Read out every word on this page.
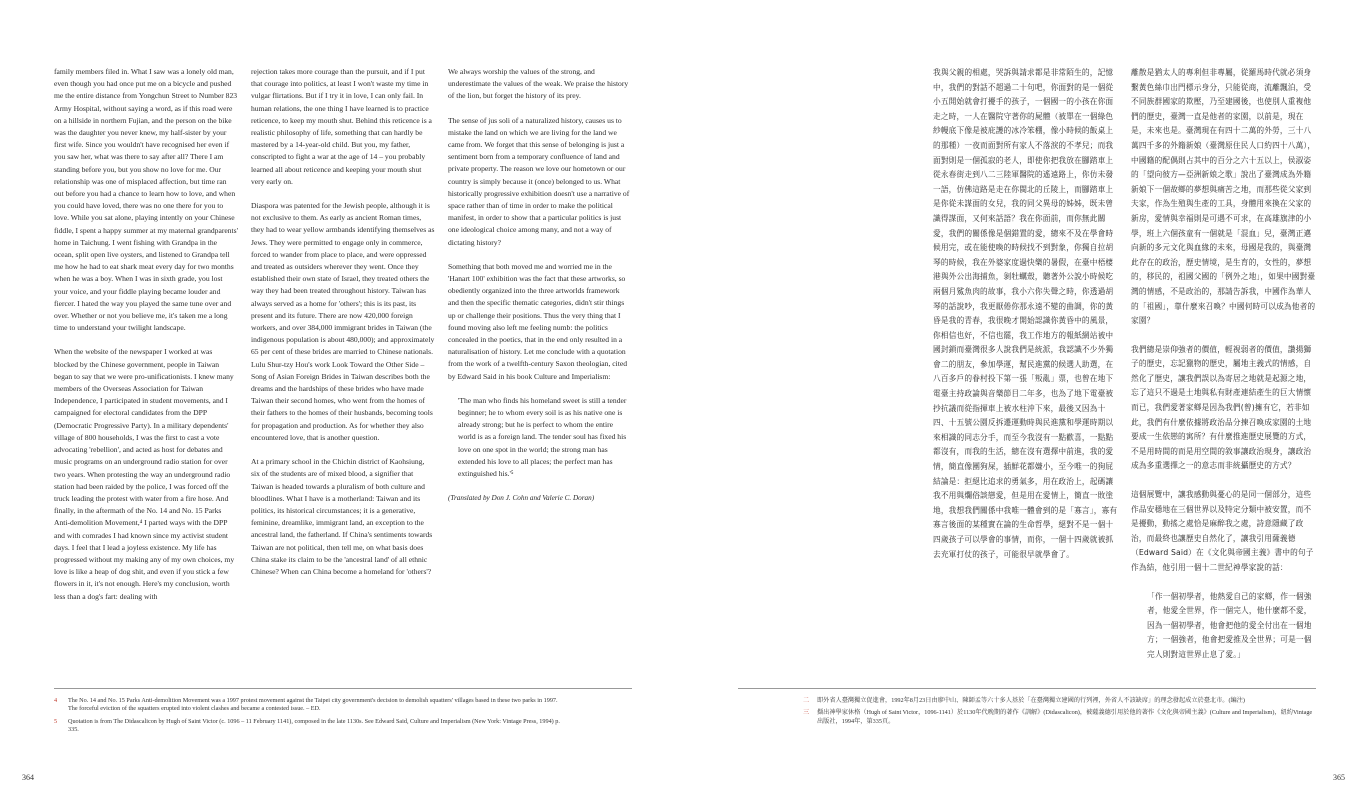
family members filed in. What I saw was a lonely old man, even though you had once put me on a bicycle and pushed me the entire distance from Yongchun Street to Number 823 Army Hospital, without saying a word, as if this road were on a hillside in northern Fujian, and the person on the bike was the daughter you never knew, my half-sister by your first wife. Since you wouldn't have recognised her even if you saw her, what was there to say after all? There I am standing before you, but you show no love for me. Our relationship was one of misplaced affection, but time ran out before you had a chance to learn how to love, and when you could have loved, there was no one there for you to love. While you sat alone, playing intently on your Chinese fiddle, I spent a happy summer at my maternal grandparents' home in Taichung. I went fishing with Grandpa in the ocean, split open live oysters, and listened to Grandpa tell me how he had to eat shark meat every day for two months when he was a boy. When I was in sixth grade, you lost your voice, and your fiddle playing became louder and fiercer. I hated the way you played the same tune over and over. Whether or not you believe me, it's taken me a long time to understand your twilight landscape.

When the website of the newspaper I worked at was blocked by the Chinese government, people in Taiwan began to say that we were pro-unificationists. I knew many members of the Overseas Association for Taiwan Independence, I participated in student movements, and I campaigned for electoral candidates from the DPP (Democratic Progressive Party). In a military dependents' village of 800 households, I was the first to cast a vote advocating 'rebellion', and acted as host for debates and music programs on an underground radio station for over two years. When protesting the way an underground radio station had been raided by the police, I was forced off the truck leading the protest with water from a fire hose. And finally, in the aftermath of the No. 14 and No. 15 Parks Anti-demolition Movement,⁴ I parted ways with the DPP and with comrades I had known since my activist student days. I feel that I lead a joyless existence. My life has progressed without my making any of my own choices, my love is like a heap of dog shit, and even if you stick a few flowers in it, it's not enough. Here's my conclusion, worth less than a dog's fart: dealing with

rejection takes more courage than the pursuit, and if I put that courage into politics, at least I won't waste my time in vulgar flirtations. But if I try it in love, I can only fail. In human relations, the one thing I have learned is to practice reticence, to keep my mouth shut. Behind this reticence is a realistic philosophy of life, something that can hardly be mastered by a 14-year-old child. But you, my father, conscripted to fight a war at the age of 14 – you probably learned all about reticence and keeping your mouth shut very early on.

Diaspora was patented for the Jewish people, although it is not exclusive to them. As early as ancient Roman times, they had to wear yellow armbands identifying themselves as Jews. They were permitted to engage only in commerce, forced to wander from place to place, and were oppressed and treated as outsiders wherever they went. Once they established their own state of Israel, they treated others the way they had been treated throughout history. Taiwan has always served as a home for 'others'; this is its past, its present and its future. There are now 420,000 foreign workers, and over 384,000 immigrant brides in Taiwan (the indigenous population is about 480,000); and approximately 65 per cent of these brides are married to Chinese nationals. Lulu Shur-tzy Hou's work Look Toward the Other Side – Song of Asian Foreign Brides in Taiwan describes both the dreams and the hardships of these brides who have made Taiwan their second homes, who went from the homes of their fathers to the homes of their husbands, becoming tools for propagation and production. As for whether they also encountered love, that is another question.

At a primary school in the Chichin district of Kaohsiung, six of the students are of mixed blood, a signifier that Taiwan is headed towards a pluralism of both culture and bloodlines. What I have is a motherland: Taiwan and its politics, its historical circumstances; it is a generative, feminine, dreamlike, immigrant land, an exception to the ancestral land, the fatherland. If China's sentiments towards Taiwan are not political, then tell me, on what basis does China stake its claim to be the 'ancestral land' of all ethnic Chinese? When can China become a homeland for 'others'?

We always worship the values of the strong, and underestimate the values of the weak. We praise the history of the lion, but forget the history of its prey.

The sense of jus soli of a naturalized history, causes us to mistake the land on which we are living for the land we came from. We forget that this sense of belonging is just a sentiment born from a temporary confluence of land and private property. The reason we love our hometown or our country is simply because it (once) belonged to us. What historically progressive exhibition doesn't use a narrative of space rather than of time in order to make the political manifest, in order to show that a particular politics is just one ideological choice among many, and not a way of dictating history?

Something that both moved me and worried me in the 'Hanart 100' exhibition was the fact that these artworks, so obediently organized into the three artworlds framework and then the specific thematic categories, didn't stir things up or challenge their positions. Thus the very thing that I found moving also left me feeling numb: the politics concealed in the poetics, that in the end only resulted in a naturalisation of history. Let me conclude with a quotation from the work of a twelfth-century Saxon theologian, cited by Edward Said in his book Culture and Imperialism:

'The man who finds his homeland sweet is still a tender beginner; he to whom every soil is as his native one is already strong; but he is perfect to whom the entire world is as a foreign land. The tender soul has fixed his love on one spot in the world; the strong man has extended his love to all places; the perfect man has extinguished his.'⁵

(Translated by Don J. Cohn and Valerie C. Doran)

4 The No. 14 and No. 15 Parks Anti-demolition Movement was a 1997 protest movement against the Taipei city government's decision to demolish squatters' villages based in these two parks in 1997. The forceful eviction of the squatters erupted into violent clashes and became a contested issue. – ED.
5 Quotation is from The Didascalicon by Hugh of Saint Victor (c. 1096 – 11 February 1141), composed in the late 1130s. See Edward Said, Culture and Imperialism (New York: Vintage Press, 1994) p. 335.
364

我與父親的相處，哭訴與請求都是非常陌生的，記憶中，我們的對話不超過二十句吧，你面對的是一個從小五開始就會打擾手的孩子，一個國一的小孩在你面走之時，一人在醫院守著你的屍體（被單在一個綠色紗幔底下像是被庇護的冰冷笨棚，像小時候的飯桌上的那種）一夜而面對所有家人不落淚的不孝兒；而我面對則是一個孤寂的老人，即使你把我放在腳踏車上從永春街走到八二三陸軍醫院的遙遠路上，你仿未發一語，仿佛這路是走在你閩北的丘陵上，而腳踏車上是你從未謀面的女兒，我的同父異母的姊姊，既未曾識得謀面，又何來話語？我在你面前，而你無此關愛，我們的關係像是個錯置的愛，總來不及在學會時候用完，或在能使喚的時候找不到對象，你獨自拉胡琴的時候，我在外婆家度過快樂的暑假，在臺中梧棲港與外公出海捕魚，剝牡蠣殼，聽著外公說小時候吃兩個月鯊魚肉的故事，我小六你失聲之時，你透過胡琴的話說吵，我更厭倦你那永遠不變的曲調，你的黃昏是我的青春，我很晚才開始認識你黃昏中的風景，你相信也好，不信也罷，我工作地方的報紙網站被中國封鎖而臺灣很多人說我們是統派，我認識不少外獨會二的朋友，參加學運，幫民進黨的候選人助選，在八百多戶的眷村投下第一張「叛亂」票，也曾在地下電臺主持政論與音樂節目二年多，也為了地下電臺被抄抗議而從指揮車上被水柱沖下來，最後又因為十四、十五號公園反拆遷運動時與民進黨和學運時期以來相識的同志分手，而至今我沒有一點歡喜，一點點都沒有，而我的生活，總在沒有選擇中前進，我的愛情，簡直像團狗屎，插鮮花都嫌小，至今唯一的狗屁結論是：拒絕比追求的勇氣多，用在政治上，起碼讓我不用與爛俗談戀愛，但是用在愛情上，簡直一敗塗地，我想我們關係中我唯一體會到的是「寡言」，寡有寡言後面的某種實在論的生命哲學，絕對不是一個十四歲孩子可以學會的事情，而你，一個十四歲就被抓去充軍打仗的孩子，可能很早就學會了。

離散是猶太人的專利但非專屬，從羅馬時代就必須身繫黃色絲巾出門標示身分，只能從商，流離飄泊，受不同族群國家的欺壓，乃至建國後，也使別人重複他們的歷史，臺灣一直是他者的家園，以前是，現在是，未來也是。臺灣現在有四十二萬的外勞，三十八萬四千多的外籍新娘（臺灣原住民人口約四十八萬），中國籍的配偶則占其中的百分之六十五以上，侯淑姿的「望向彼方—亞洲新娘之歌」說出了臺灣成為外籍新娘下一個故鄉的夢想與痛苦之地，而那些從父家到夫家，作為生殖與生產的工具，身體用來換在父家的新房，愛情與幸福則是可遇不可求，在高雄旗津的小學，班上六個孩童有一個就是「混血」兒，臺灣正邁向新的多元文化與血緣的未來，母國是我的，與臺灣此存在的政治，歷史情境，是生育的，女性的，夢想的，移民的，祖國父國的「例外之地」，如果中國對臺灣的情感，不是政治的，那請告訴我，中國作為華人的「祖國」，靠什麼來召喚？中國何時可以成為他者的家園？

我們總是崇仰強者的價值，輕視弱者的價值，讚揚獅子的歷史，忘記獵物的歷史，屬地主義式的情感，自然化了歷史，讓我們誤以為寄居之地就是起源之地，忘了這只不過是土地與私有財產連結產生的巨大情懷而已，我們愛著家鄉是因為我們(曾)擁有它，若非如此，我們有什麼依據將政治品分揀召喚成家園的土地要成一生依戀的寓所？有什麼推進歷史展覽的方式，不是用時間的而是用空間的敘事讓政治現身，讓政治成為多重選擇之一的意志而非統攝歷史的方式？

這個展覽中，讓我感動與憂心的是同一個部分，這些作品安穩地在三個世界以及特定分類中被安置，而不是擾動，動搖之處恰是麻醉我之處，詩意隱藏了政治，而最終也讓歷史自然化了，讓我引用薩義德（Edward Said）在《文化與帝國主義》書中的句子作為結，他引用一個十二世紀神學家說的話：

「作一個初學者，他熱愛自己的家鄉，作一個強者，他愛全世界，作一個完人，他什麼都不愛，因為一個初學者，他會把他的愛全付出在一個地方；一個強者，他會把愛推及全世界；可是一個完人則對這世界止息了愛。」

二 即外省人臺灣獨立促進會，1992年8月23日由廖中山、陳師孟等六十多人基於「在臺灣獨立建國的行列裡，外省人不該缺席」的理念發起成立於臺北市。(編注)
三 擷出神學家休格（Hugh of Saint Victor，1096-1141）於1130年代晚期的著作《訓解》(Didascalicon)，被薩義德引用於他的著作《文化與帝國主義》(Culture and Imperialism)，紐約Vintage出版社，1994年，第335頁。
365
